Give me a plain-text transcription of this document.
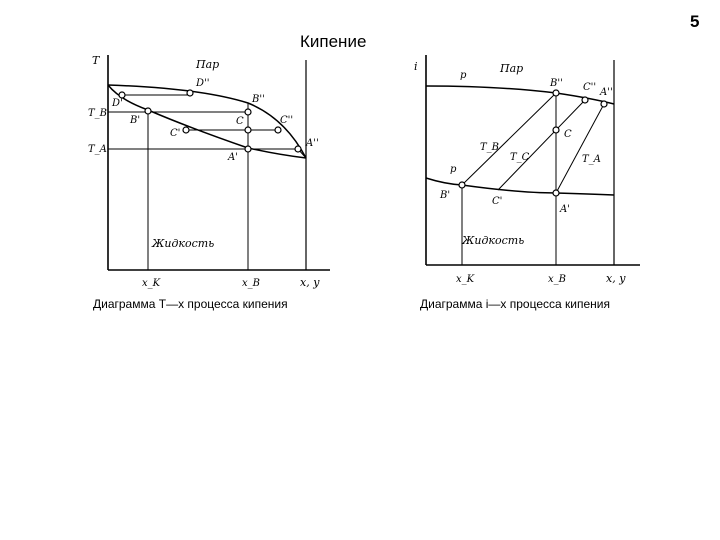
5
Кипение
T
T_B
T_A
Пар
D''
D'	B''
B'	C
C'
C''
A'
A''
Жидкость
x_K	x_B	x, y
i
p
Пар
B'' C'' A''
C
T_B
T_C	T_A
p
B'
C'
A'
Жидкость
x_K	x_B	x, y
Диаграмма T—x процесса кипения	Диаграмма i—x процесса кипения
